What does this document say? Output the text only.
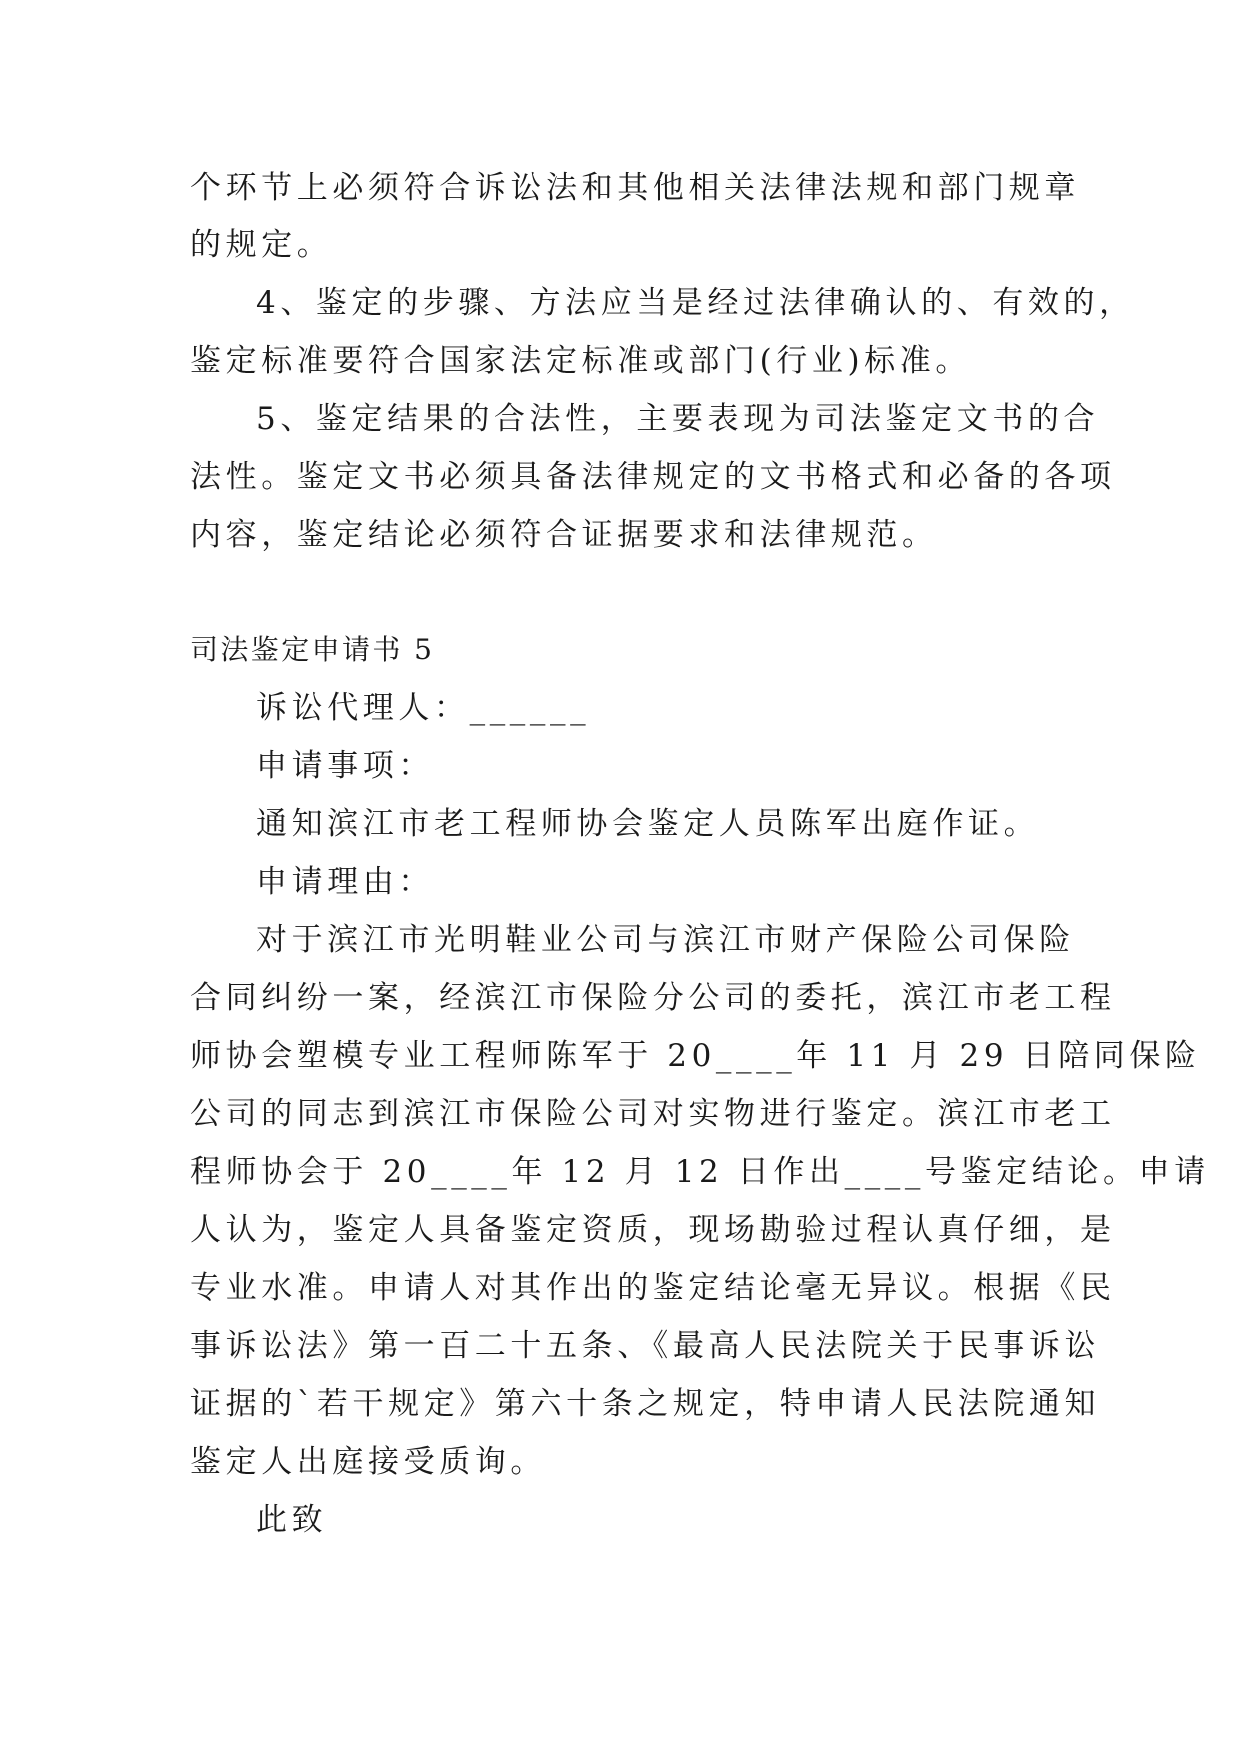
个环节上必须符合诉讼法和其他相关法律法规和部门规章
的规定。
4、鉴定的步骤、方法应当是经过法律确认的、有效的，
鉴定标准要符合国家法定标准或部门(行业)标准。
5、鉴定结果的合法性，主要表现为司法鉴定文书的合
法性。鉴定文书必须具备法律规定的文书格式和必备的各项
内容，鉴定结论必须符合证据要求和法律规范。
司法鉴定申请书 5
诉讼代理人：______
申请事项：
通知滨江市老工程师协会鉴定人员陈军出庭作证。
申请理由：
对于滨江市光明鞋业公司与滨江市财产保险公司保险
合同纠纷一案，经滨江市保险分公司的委托，滨江市老工程
师协会塑模专业工程师陈军于 20____年 11 月 29 日陪同保险
公司的同志到滨江市保险公司对实物进行鉴定。滨江市老工
程师协会于 20____年 12 月 12 日作出____号鉴定结论。申请
人认为，鉴定人具备鉴定资质，现场勘验过程认真仔细，是
专业水准。申请人对其作出的鉴定结论毫无异议。根据《民
事诉讼法》第一百二十五条、《最高人民法院关于民事诉讼
证据的`若干规定》第六十条之规定，特申请人民法院通知
鉴定人出庭接受质询。
此致
